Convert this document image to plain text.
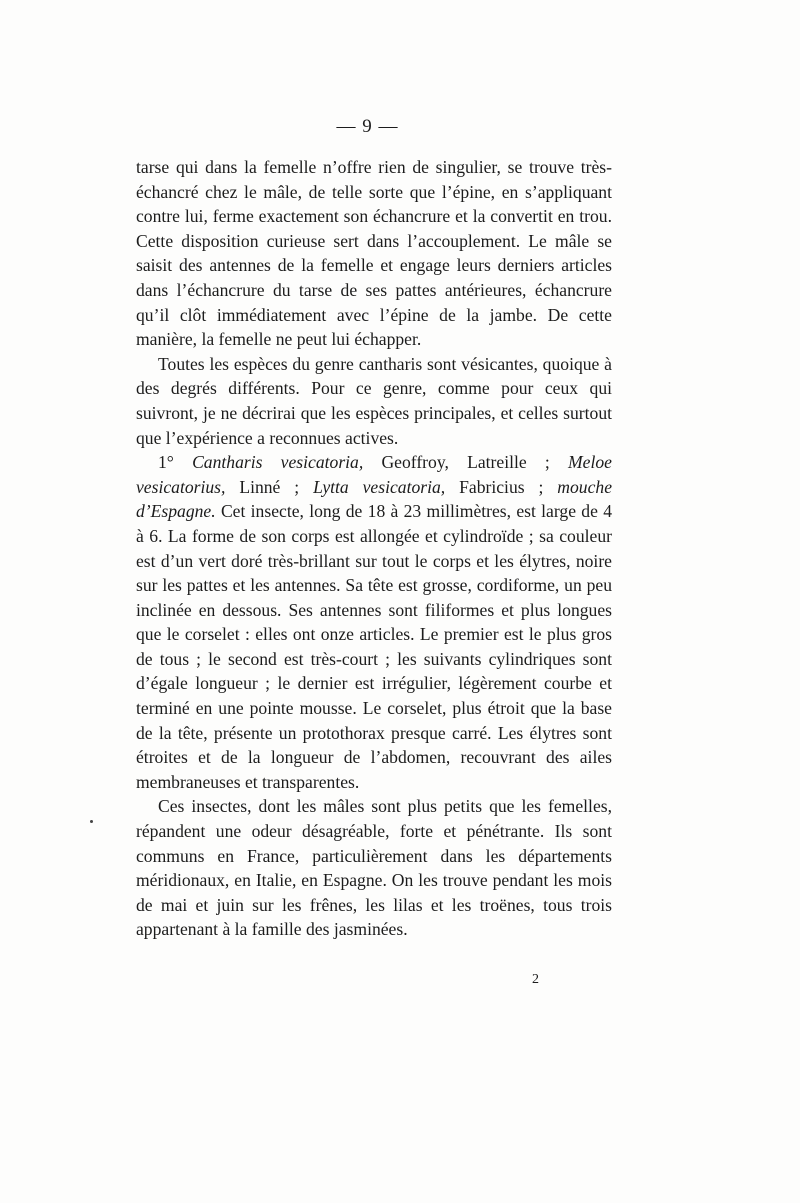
— 9 —

tarse qui dans la femelle n’offre rien de singulier, se trouve très-échancré chez le mâle, de telle sorte que l’épine, en s’appliquant contre lui, ferme exactement son échancrure et la convertit en trou. Cette disposition curieuse sert dans l’accouplement. Le mâle se saisit des antennes de la femelle et engage leurs derniers articles dans l’échancrure du tarse de ses pattes antérieures, échancrure qu’il clôt immédiatement avec l’épine de la jambe. De cette manière, la femelle ne peut lui échapper.

Toutes les espèces du genre cantharis sont vésicantes, quoique à des degrés différents. Pour ce genre, comme pour ceux qui suivront, je ne décrirai que les espèces principales, et celles surtout que l’expérience a reconnues actives.

1° Cantharis vesicatoria, Geoffroy, Latreille ; Meloe vesicatorius, Linné ; Lytta vesicatoria, Fabricius ; mouche d’Espagne. Cet insecte, long de 18 à 23 millimètres, est large de 4 à 6. La forme de son corps est allongée et cylindroïde ; sa couleur est d’un vert doré très-brillant sur tout le corps et les élytres, noire sur les pattes et les antennes. Sa tête est grosse, cordiforme, un peu inclinée en dessous. Ses antennes sont filiformes et plus longues que le corselet : elles ont onze articles. Le premier est le plus gros de tous ; le second est très-court ; les suivants cylindriques sont d’égale longueur ; le dernier est irrégulier, légèrement courbe et terminé en une pointe mousse. Le corselet, plus étroit que la base de la tête, présente un protothorax presque carré. Les élytres sont étroites et de la longueur de l’abdomen, recouvrant des ailes membraneuses et transparentes.

Ces insectes, dont les mâles sont plus petits que les femelles, répandent une odeur désagréable, forte et pénétrante. Ils sont communs en France, particulièrement dans les départements méridionaux, en Italie, en Espagne. On les trouve pendant les mois de mai et juin sur les frênes, les lilas et les troënes, tous trois appartenant à la famille des jasminées.

2
